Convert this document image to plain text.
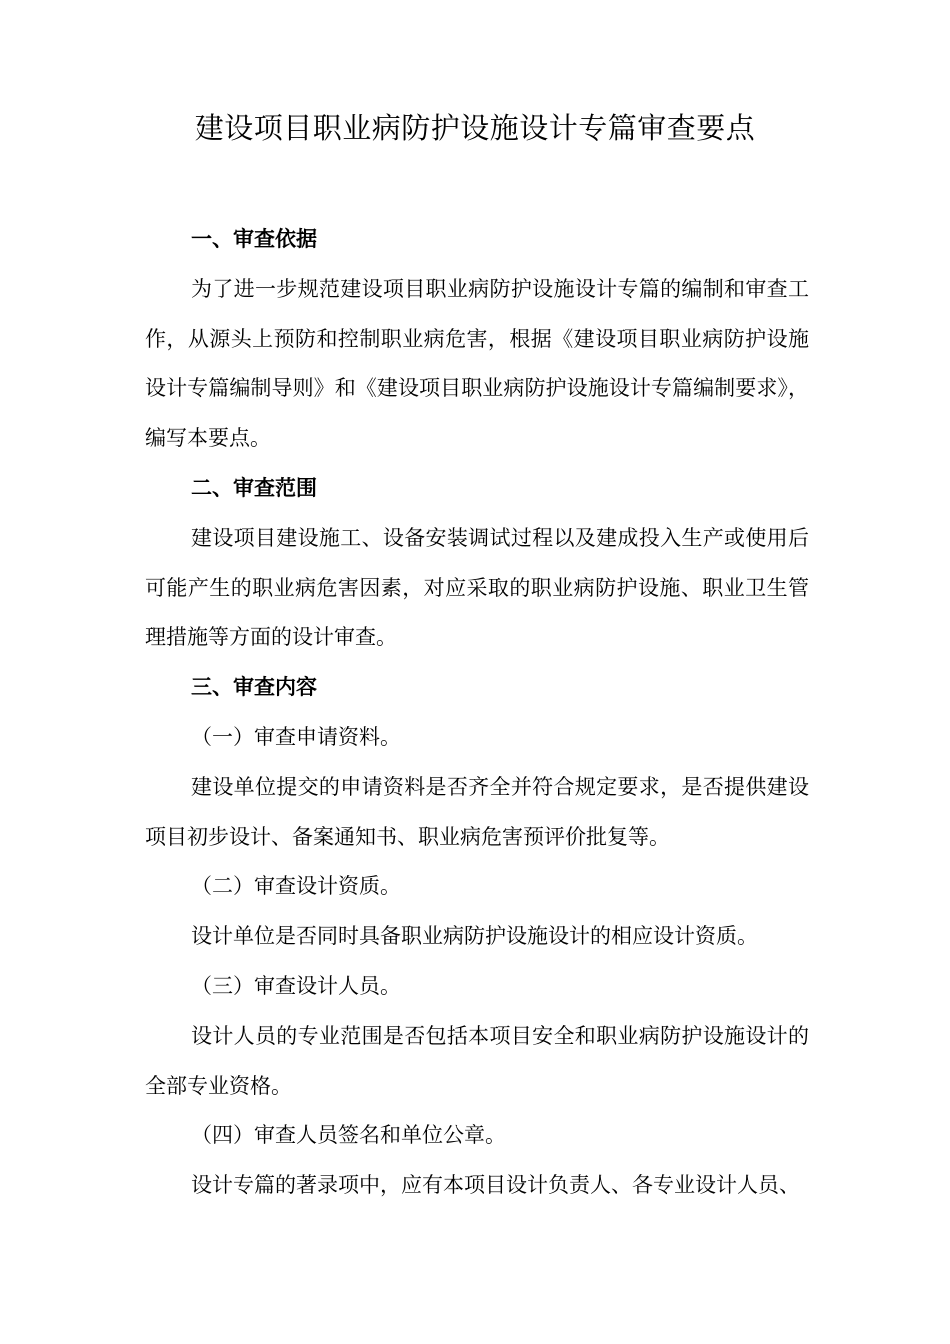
建设项目职业病防护设施设计专篇审查要点

一、审查依据

为了进一步规范建设项目职业病防护设施设计专篇的编制和审查工作，从源头上预防和控制职业病危害，根据《建设项目职业病防护设施设计专篇编制导则》和《建设项目职业病防护设施设计专篇编制要求》，编写本要点。

二、审查范围

建设项目建设施工、设备安装调试过程以及建成投入生产或使用后可能产生的职业病危害因素，对应采取的职业病防护设施、职业卫生管理措施等方面的设计审查。

三、审查内容

（一）审查申请资料。

建设单位提交的申请资料是否齐全并符合规定要求，是否提供建设项目初步设计、备案通知书、职业病危害预评价批复等。

（二）审查设计资质。

设计单位是否同时具备职业病防护设施设计的相应设计资质。

（三）审查设计人员。

设计人员的专业范围是否包括本项目安全和职业病防护设施设计的全部专业资格。

（四）审查人员签名和单位公章。

设计专篇的著录项中，应有本项目设计负责人、各专业设计人员、
